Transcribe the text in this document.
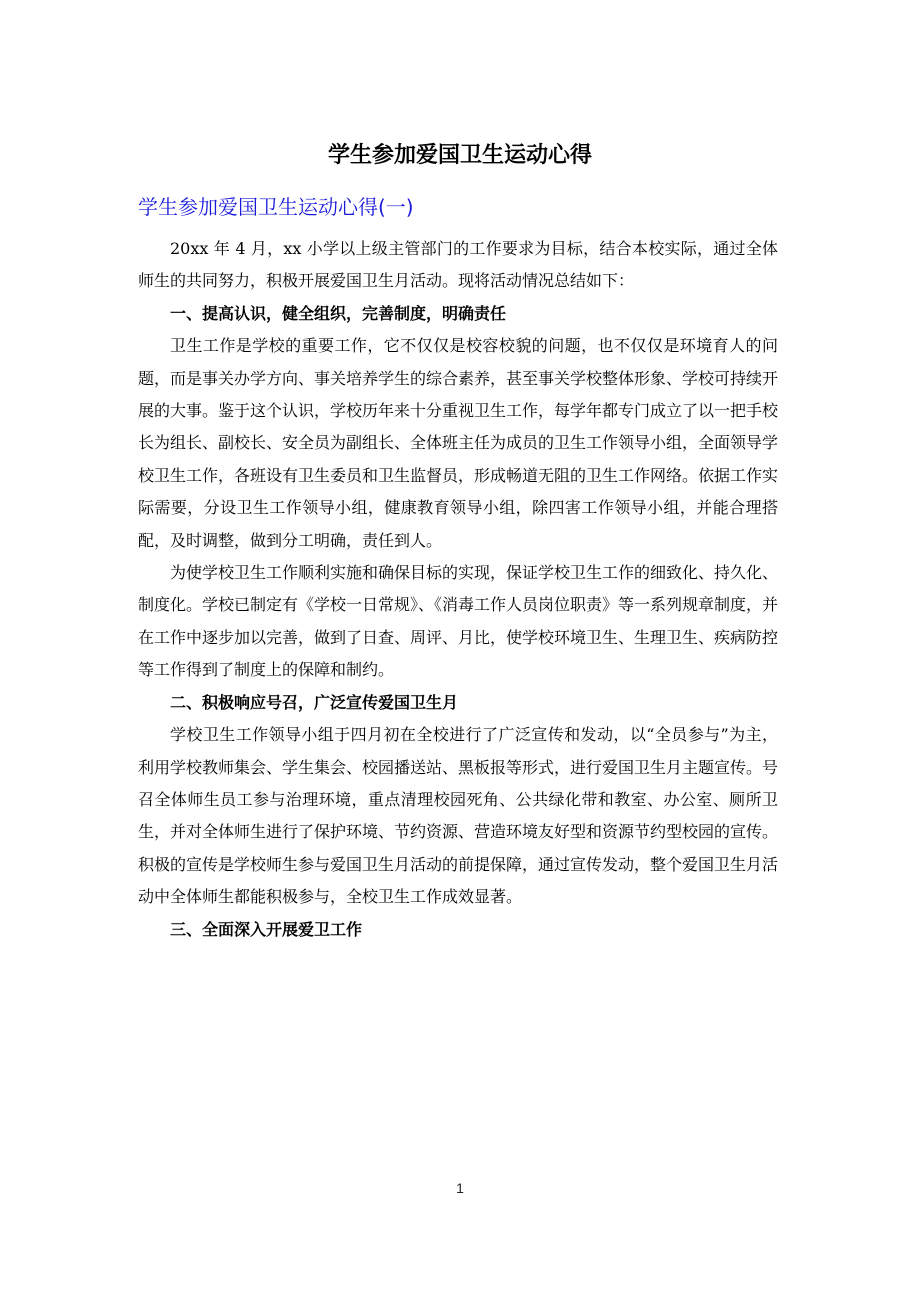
学生参加爱国卫生运动心得
学生参加爱国卫生运动心得(一)

20xx 年 4 月，xx 小学以上级主管部门的工作要求为目标，结合本校实际，通过全体师生的共同努力，积极开展爱国卫生月活动。现将活动情况总结如下：

一、提高认识，健全组织，完善制度，明确责任

卫生工作是学校的重要工作，它不仅仅是校容校貌的问题，也不仅仅是环境育人的问题，而是事关办学方向、事关培养学生的综合素养，甚至事关学校整体形象、学校可持续开展的大事。鉴于这个认识，学校历年来十分重视卫生工作，每学年都专门成立了以一把手校长为组长、副校长、安全员为副组长、全体班主任为成员的卫生工作领导小组，全面领导学校卫生工作，各班设有卫生委员和卫生监督员，形成畅道无阻的卫生工作网络。依据工作实际需要，分设卫生工作领导小组，健康教育领导小组，除四害工作领导小组，并能合理搭配，及时调整，做到分工明确，责任到人。

为使学校卫生工作顺利实施和确保目标的实现，保证学校卫生工作的细致化、持久化、制度化。学校已制定有《学校一日常规》、《消毒工作人员岗位职责》等一系列规章制度，并在工作中逐步加以完善，做到了日查、周评、月比，使学校环境卫生、生理卫生、疾病防控等工作得到了制度上的保障和制约。

二、积极响应号召，广泛宣传爱国卫生月

学校卫生工作领导小组于四月初在全校进行了广泛宣传和发动，以“全员参与”为主，利用学校教师集会、学生集会、校园播送站、黑板报等形式，进行爱国卫生月主题宣传。号召全体师生员工参与治理环境，重点清理校园死角、公共绿化带和教室、办公室、厕所卫生，并对全体师生进行了保护环境、节约资源、营造环境友好型和资源节约型校园的宣传。积极的宣传是学校师生参与爱国卫生月活动的前提保障，通过宣传发动，整个爱国卫生月活动中全体师生都能积极参与，全校卫生工作成效显著。

三、全面深入开展爱卫工作

1
